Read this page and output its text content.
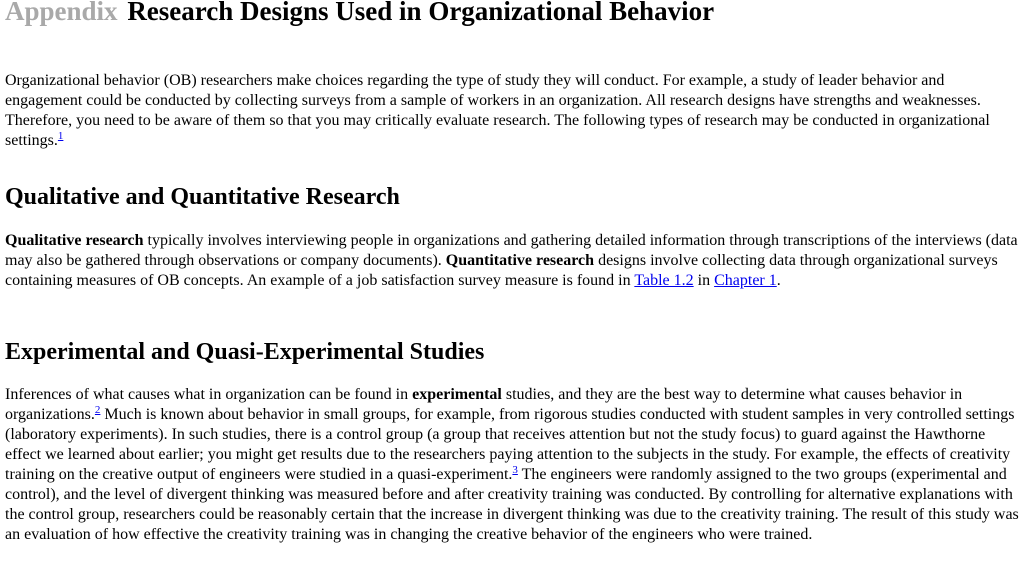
Appendix Research Designs Used in Organizational Behavior

Organizational behavior (OB) researchers make choices regarding the type of study they will conduct. For example, a study of leader behavior and engagement could be conducted by collecting surveys from a sample of workers in an organization. All research designs have strengths and weaknesses. Therefore, you need to be aware of them so that you may critically evaluate research. The following types of research may be conducted in organizational settings.$^1$

Qualitative and Quantitative Research

Qualitative research typically involves interviewing people in organizations and gathering detailed information through transcriptions of the interviews (data may also be gathered through observations or company documents). Quantitative research designs involve collecting data through organizational surveys containing measures of OB concepts. An example of a job satisfaction survey measure is found in Table 1.2 in Chapter 1.

Experimental and Quasi-Experimental Studies

Inferences of what causes what in organization can be found in experimental studies, and they are the best way to determine what causes behavior in organizations.$^2$ Much is known about behavior in small groups, for example, from rigorous studies conducted with student samples in very controlled settings (laboratory experiments). In such studies, there is a control group (a group that receives attention but not the study focus) to guard against the Hawthorne effect we learned about earlier; you might get results due to the researchers paying attention to the subjects in the study. For example, the effects of creativity training on the creative output of engineers were studied in a quasi-experiment.$^3$ The engineers were randomly assigned to the two groups (experimental and control), and the level of divergent thinking was measured before and after creativity training was conducted. By controlling for alternative explanations with the control group, researchers could be reasonably certain that the increase in divergent thinking was due to the creativity training. The result of this study was an evaluation of how effective the creativity training was in changing the creative behavior of the engineers who were trained.
